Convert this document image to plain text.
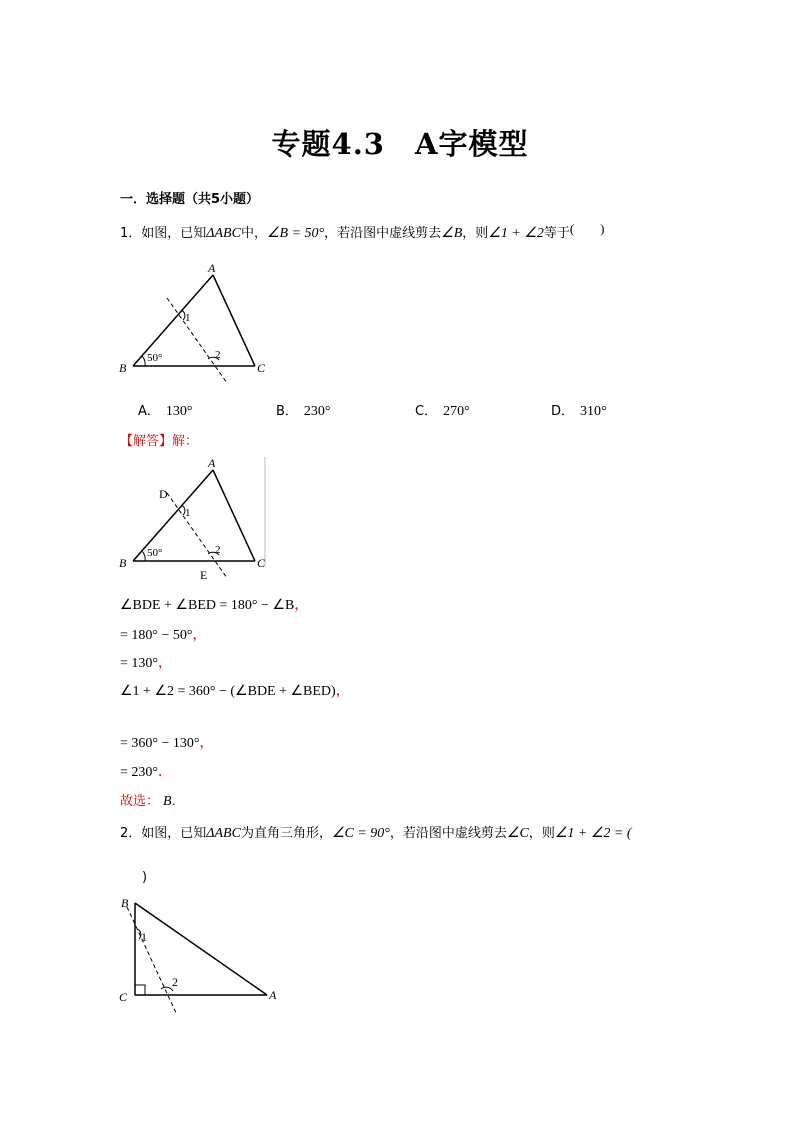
专题4.3　A字模型
一．选择题（共5小题）
1．如图，已知ΔABC中，∠B = 50°，若沿图中虚线剪去∠B，则∠1 + ∠2等于(　　)
A
B	C
50°
1
2
A． 130°	B． 230°	C． 270°	D． 310°
【解答】解：
A
B	C
D
E
50°
1
2
∠BDE + ∠BED = 180° − ∠B，
= 180° − 50°，
= 130°，
∠1 + ∠2 = 360° − (∠BDE + ∠BED)，
= 360° − 130°，
= 230°．
故选： B．
2．如图，已知ΔABC为直角三角形，∠C = 90°，若沿图中虚线剪去∠C，则∠1 + ∠2 = (
)
B
C	A
1
2
